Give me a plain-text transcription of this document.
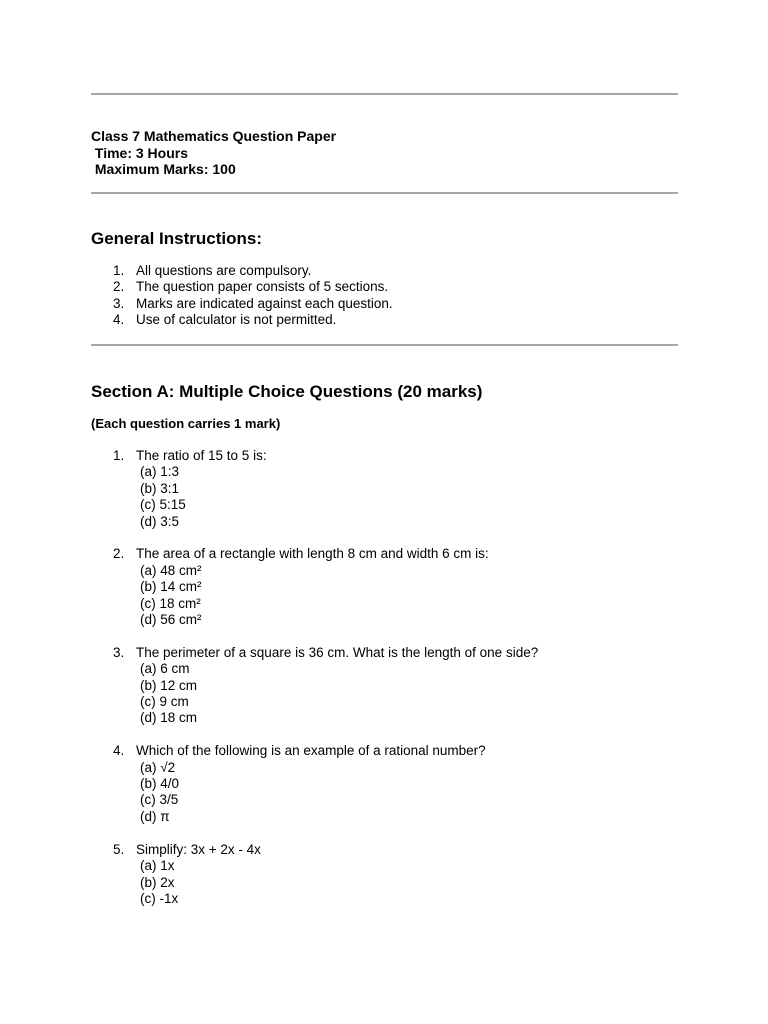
Class 7 Mathematics Question Paper
Time: 3 Hours
Maximum Marks: 100
General Instructions:
1. All questions are compulsory.
2. The question paper consists of 5 sections.
3. Marks are indicated against each question.
4. Use of calculator is not permitted.
Section A: Multiple Choice Questions (20 marks)
(Each question carries 1 mark)
1. The ratio of 15 to 5 is:
(a) 1:3
(b) 3:1
(c) 5:15
(d) 3:5
2. The area of a rectangle with length 8 cm and width 6 cm is:
(a) 48 cm²
(b) 14 cm²
(c) 18 cm²
(d) 56 cm²
3. The perimeter of a square is 36 cm. What is the length of one side?
(a) 6 cm
(b) 12 cm
(c) 9 cm
(d) 18 cm
4. Which of the following is an example of a rational number?
(a) √2
(b) 4/0
(c) 3/5
(d) π
5. Simplify: 3x + 2x - 4x
(a) 1x
(b) 2x
(c) -1x
